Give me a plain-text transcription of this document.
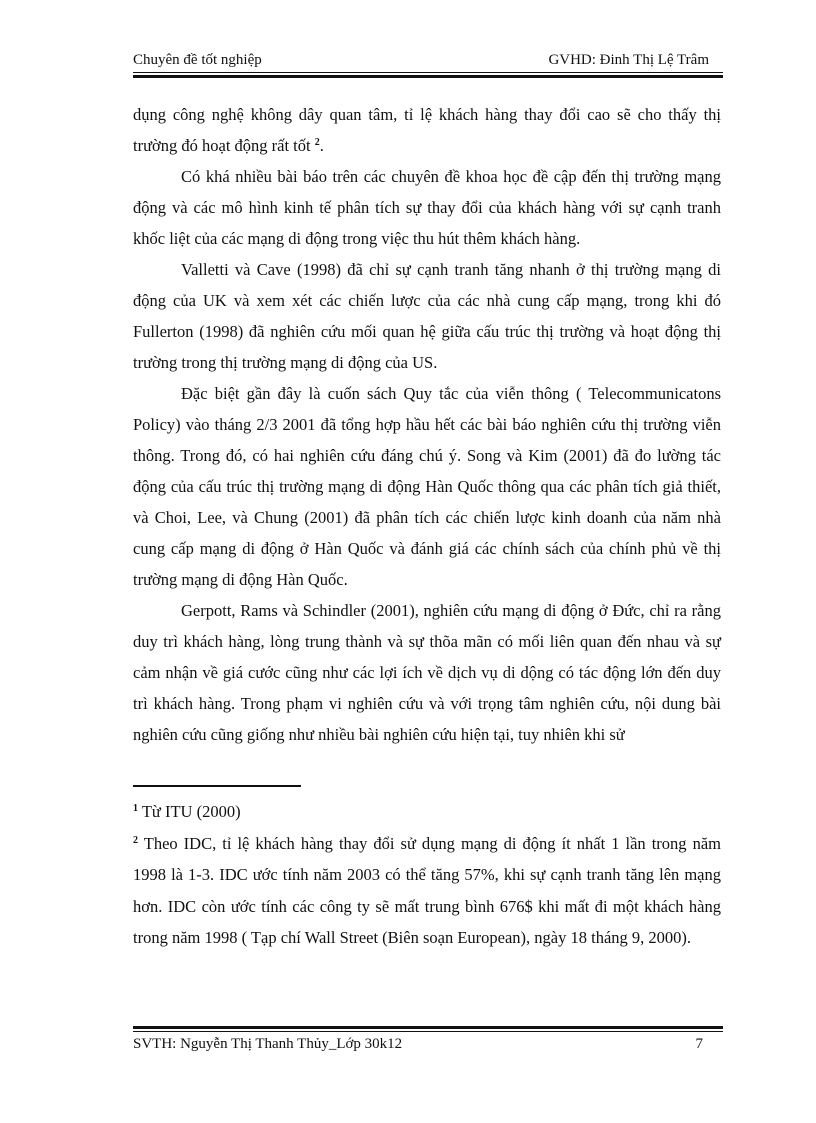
Chuyên đề tốt nghiệp	GVHD: Đinh Thị Lệ Trâm

dụng công nghệ không dây quan tâm, tỉ lệ khách hàng thay đổi cao sẽ cho thấy thị trường đó hoạt động rất tốt $^2$.

Có khá nhiều bài báo trên các chuyên đề khoa học đề cập đến thị trường mạng động và các mô hình kinh tế phân tích sự thay đổi của khách hàng với sự cạnh tranh khốc liệt của các mạng di động trong việc thu hút thêm khách hàng.

Valletti và Cave (1998) đã chỉ sự cạnh tranh tăng nhanh ở thị trường mạng di động của UK và xem xét các chiến lược của các nhà cung cấp mạng, trong khi đó Fullerton (1998) đã nghiên cứu mối quan hệ giữa cấu trúc thị trường và hoạt động thị trường trong thị trường mạng di động của US.

Đặc biệt gần đây là cuốn sách Quy tắc của viễn thông ( Telecommunicatons Policy) vào tháng 2/3 2001 đã tổng hợp hầu hết các bài báo nghiên cứu thị trường viễn thông. Trong đó, có hai nghiên cứu đáng chú ý. Song và Kim (2001) đã đo lường tác động của cấu trúc thị trường mạng di động Hàn Quốc thông qua các phân tích giả thiết, và Choi, Lee, và Chung (2001) đã phân tích các chiến lược kinh doanh của năm nhà cung cấp mạng di động ở Hàn Quốc và đánh giá các chính sách của chính phủ về thị trường mạng di động Hàn Quốc.

Gerpott, Rams và Schindler (2001), nghiên cứu mạng di động ở Đức, chỉ ra rằng duy trì khách hàng, lòng trung thành và sự thõa mãn có mối liên quan đến nhau và sự cảm nhận về giá cước cũng như các lợi ích về dịch vụ di dộng có tác động lớn đến duy trì khách hàng. Trong phạm vi nghiên cứu và với trọng tâm nghiên cứu, nội dung bài nghiên cứu cũng giống như nhiều bài nghiên cứu hiện tại, tuy nhiên khi sử

$^1$ Từ ITU (2000)

$^2$ Theo IDC, tỉ lệ khách hàng thay đổi sử dụng mạng di động ít nhất 1 lần trong năm 1998 là 1-3. IDC ước tính năm 2003 có thể tăng 57%, khi sự cạnh tranh tăng lên mạng hơn. IDC còn ước tính các công ty sẽ mất trung bình 676$ khi mất đi một khách hàng trong năm 1998 ( Tạp chí Wall Street (Biên soạn European), ngày 18 tháng 9, 2000).

SVTH: Nguyễn Thị Thanh Thủy_Lớp 30k12	7
